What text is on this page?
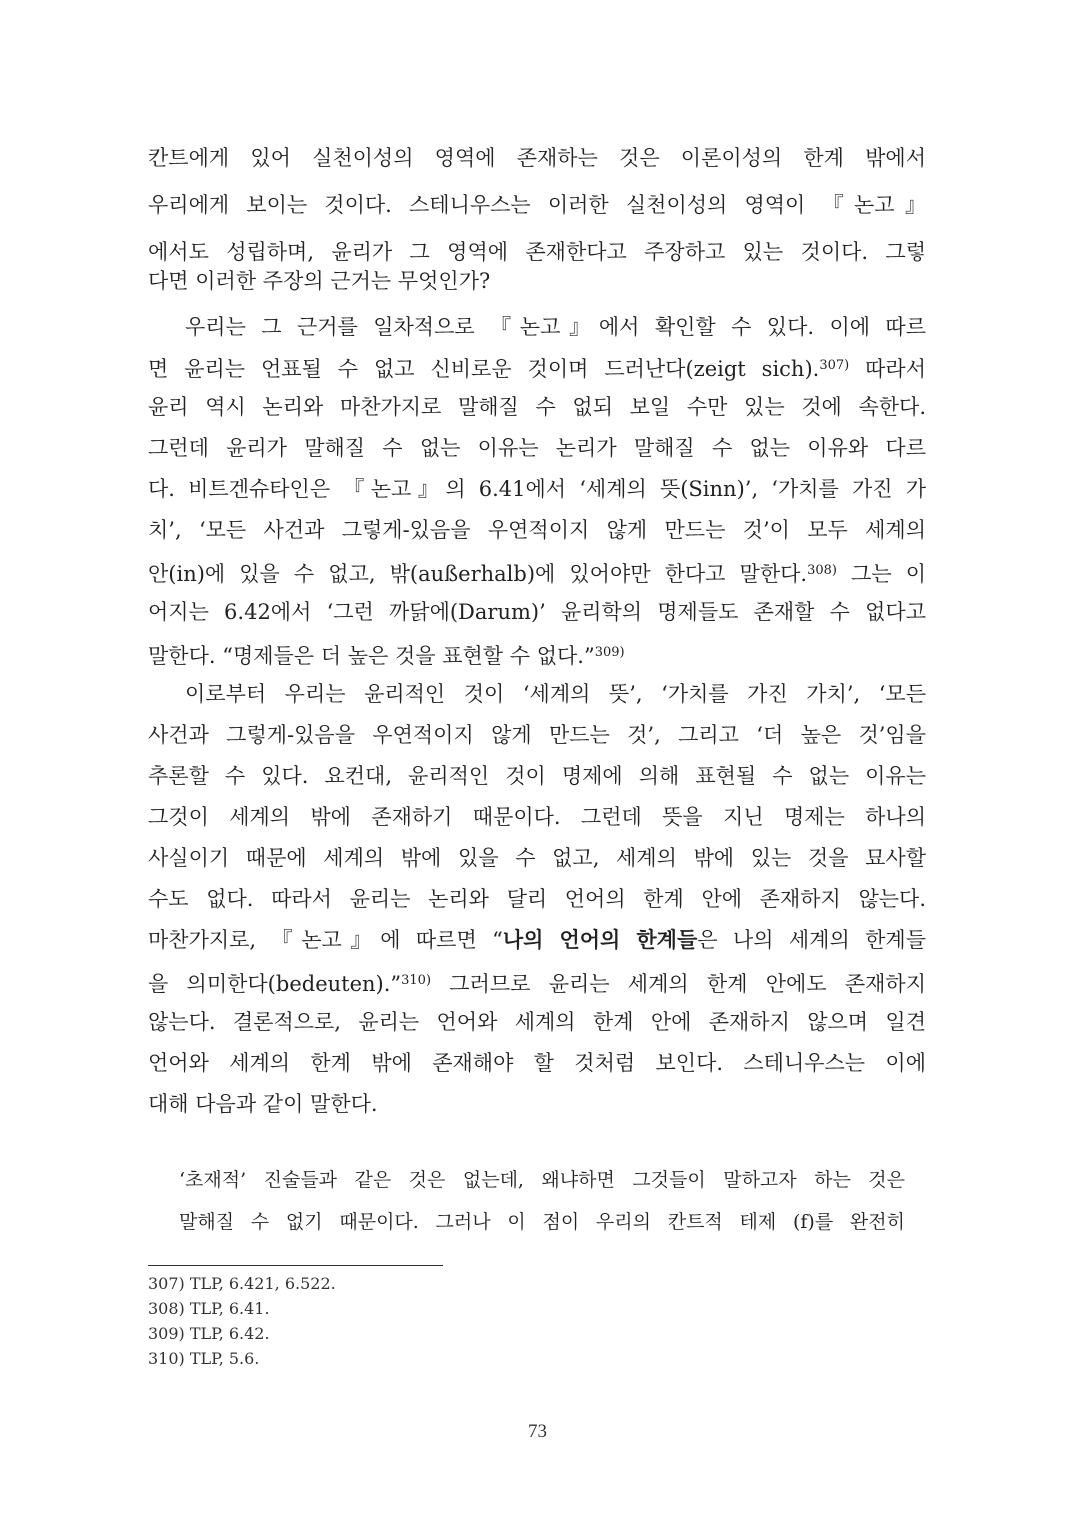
칸트에게 있어 실천이성의 영역에 존재하는 것은 이론이성의 한계 밖에서
우리에게 보이는 것이다. 스테니우스는 이러한 실천이성의 영역이 『논고』
에서도 성립하며, 윤리가 그 영역에 존재한다고 주장하고 있는 것이다. 그렇
다면 이러한 주장의 근거는 무엇인가?
우리는 그 근거를 일차적으로 『논고』에서 확인할 수 있다. 이에 따르
면 윤리는 언표될 수 없고 신비로운 것이며 드러난다(zeigt sich).$^{307)}$ 따라서
윤리 역시 논리와 마찬가지로 말해질 수 없되 보일 수만 있는 것에 속한다.
그런데 윤리가 말해질 수 없는 이유는 논리가 말해질 수 없는 이유와 다르
다. 비트겐슈타인은 『논고』의 6.41에서 ‘세계의 뜻(Sinn)’, ‘가치를 가진 가
치’, ‘모든 사건과 그렇게-있음을 우연적이지 않게 만드는 것’이 모두 세계의
안(in)에 있을 수 없고, 밖(außerhalb)에 있어야만 한다고 말한다.$^{308)}$ 그는 이
어지는 6.42에서 ‘그런 까닭에(Darum)’ 윤리학의 명제들도 존재할 수 없다고
말한다. “명제들은 더 높은 것을 표현할 수 없다.”$^{309)}$
이로부터 우리는 윤리적인 것이 ‘세계의 뜻’, ‘가치를 가진 가치’, ‘모든
사건과 그렇게-있음을 우연적이지 않게 만드는 것’, 그리고 ‘더 높은 것’임을
추론할 수 있다. 요컨대, 윤리적인 것이 명제에 의해 표현될 수 없는 이유는
그것이 세계의 밖에 존재하기 때문이다. 그런데 뜻을 지닌 명제는 하나의
사실이기 때문에 세계의 밖에 있을 수 없고, 세계의 밖에 있는 것을 묘사할
수도 없다. 따라서 윤리는 논리와 달리 언어의 한계 안에 존재하지 않는다.
마찬가지로, 『논고』에 따르면 “나의 언어의 한계들은 나의 세계의 한계들
을 의미한다(bedeuten).”$^{310)}$ 그러므로 윤리는 세계의 한계 안에도 존재하지
않는다. 결론적으로, 윤리는 언어와 세계의 한계 안에 존재하지 않으며 일견
언어와 세계의 한계 밖에 존재해야 할 것처럼 보인다. 스테니우스는 이에
대해 다음과 같이 말한다.
‘초재적’ 진술들과 같은 것은 없는데, 왜냐하면 그것들이 말하고자 하는 것은
말해질 수 없기 때문이다. 그러나 이 점이 우리의 칸트적 테제 (f)를 완전히
307) TLP, 6.421, 6.522.
308) TLP, 6.41.
309) TLP, 6.42.
310) TLP, 5.6.
73
